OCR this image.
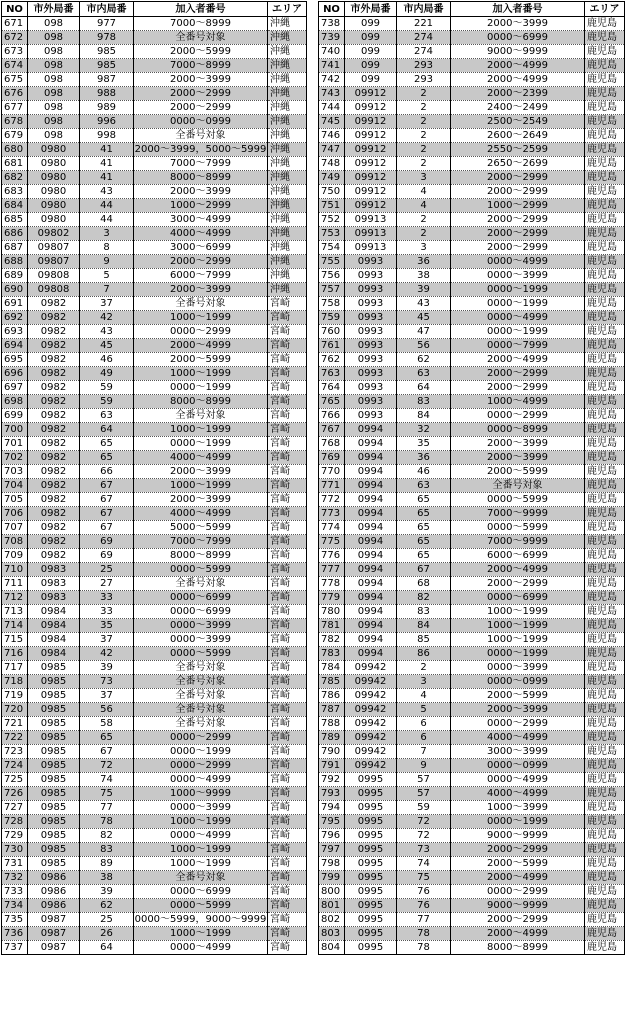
NO	市外局番	市内局番	加入者番号	エリア
671	098	977	7000～8999	沖縄
672	098	978	全番号対象	沖縄
673	098	985	2000～5999	沖縄
674	098	985	7000～8999	沖縄
675	098	987	2000～3999	沖縄
676	098	988	2000～2999	沖縄
677	098	989	2000～2999	沖縄
678	098	996	0000～0999	沖縄
679	098	998	全番号対象	沖縄
680	0980	41	2000～3999，5000～5999	沖縄
681	0980	41	7000～7999	沖縄
682	0980	41	8000～8999	沖縄
683	0980	43	2000～3999	沖縄
684	0980	44	1000～2999	沖縄
685	0980	44	3000～4999	沖縄
686	09802	3	4000～4999	沖縄
687	09807	8	3000～6999	沖縄
688	09807	9	2000～2999	沖縄
689	09808	5	6000～7999	沖縄
690	09808	7	2000～3999	沖縄
691	0982	37	全番号対象	宮崎
692	0982	42	1000～1999	宮崎
693	0982	43	0000～2999	宮崎
694	0982	45	2000～4999	宮崎
695	0982	46	2000～5999	宮崎
696	0982	49	1000～1999	宮崎
697	0982	59	0000～1999	宮崎
698	0982	59	8000～8999	宮崎
699	0982	63	全番号対象	宮崎
700	0982	64	1000～1999	宮崎
701	0982	65	0000～1999	宮崎
702	0982	65	4000～4999	宮崎
703	0982	66	2000～3999	宮崎
704	0982	67	1000～1999	宮崎
705	0982	67	2000～3999	宮崎
706	0982	67	4000～4999	宮崎
707	0982	67	5000～5999	宮崎
708	0982	69	7000～7999	宮崎
709	0982	69	8000～8999	宮崎
710	0983	25	0000～5999	宮崎
711	0983	27	全番号対象	宮崎
712	0983	33	0000～6999	宮崎
713	0984	33	0000～6999	宮崎
714	0984	35	0000～3999	宮崎
715	0984	37	0000～3999	宮崎
716	0984	42	0000～5999	宮崎
717	0985	39	全番号対象	宮崎
718	0985	73	全番号対象	宮崎
719	0985	37	全番号対象	宮崎
720	0985	56	全番号対象	宮崎
721	0985	58	全番号対象	宮崎
722	0985	65	0000～2999	宮崎
723	0985	67	0000～1999	宮崎
724	0985	72	0000～2999	宮崎
725	0985	74	0000～4999	宮崎
726	0985	75	1000～9999	宮崎
727	0985	77	0000～3999	宮崎
728	0985	78	1000～1999	宮崎
729	0985	82	0000～4999	宮崎
730	0985	83	1000～1999	宮崎
731	0985	89	1000～1999	宮崎
732	0986	38	全番号対象	宮崎
733	0986	39	0000～6999	宮崎
734	0986	62	0000～5999	宮崎
735	0987	25	0000～5999，9000～9999	宮崎
736	0987	26	1000～1999	宮崎
737	0987	64	0000～4999	宮崎
NO	市外局番	市内局番	加入者番号	エリア
738	099	221	2000～3999	鹿児島
739	099	274	0000～6999	鹿児島
740	099	274	9000～9999	鹿児島
741	099	293	2000～4999	鹿児島
742	099	293	2000～4999	鹿児島
743	09912	2	2000～2399	鹿児島
744	09912	2	2400～2499	鹿児島
745	09912	2	2500～2549	鹿児島
746	09912	2	2600～2649	鹿児島
747	09912	2	2550～2599	鹿児島
748	09912	2	2650～2699	鹿児島
749	09912	3	2000～2999	鹿児島
750	09912	4	2000～2999	鹿児島
751	09912	4	1000～2999	鹿児島
752	09913	2	2000～2999	鹿児島
753	09913	2	2000～2999	鹿児島
754	09913	3	2000～2999	鹿児島
755	0993	36	0000～4999	鹿児島
756	0993	38	0000～3999	鹿児島
757	0993	39	0000～1999	鹿児島
758	0993	43	0000～1999	鹿児島
759	0993	45	0000～4999	鹿児島
760	0993	47	0000～1999	鹿児島
761	0993	56	0000～7999	鹿児島
762	0993	62	2000～4999	鹿児島
763	0993	63	2000～2999	鹿児島
764	0993	64	2000～2999	鹿児島
765	0993	83	1000～4999	鹿児島
766	0993	84	0000～2999	鹿児島
767	0994	32	0000～8999	鹿児島
768	0994	35	2000～3999	鹿児島
769	0994	36	2000～3999	鹿児島
770	0994	46	2000～5999	鹿児島
771	0994	63	全番号対象	鹿児島
772	0994	65	0000～5999	鹿児島
773	0994	65	7000～9999	鹿児島
774	0994	65	0000～5999	鹿児島
775	0994	65	7000～9999	鹿児島
776	0994	65	6000～6999	鹿児島
777	0994	67	2000～4999	鹿児島
778	0994	68	2000～2999	鹿児島
779	0994	82	0000～6999	鹿児島
780	0994	83	1000～1999	鹿児島
781	0994	84	1000～1999	鹿児島
782	0994	85	1000～1999	鹿児島
783	0994	86	0000～1999	鹿児島
784	09942	2	0000～3999	鹿児島
785	09942	3	0000～0999	鹿児島
786	09942	4	2000～5999	鹿児島
787	09942	5	2000～3999	鹿児島
788	09942	6	0000～2999	鹿児島
789	09942	6	4000～4999	鹿児島
790	09942	7	3000～3999	鹿児島
791	09942	9	0000～0999	鹿児島
792	0995	57	0000～4999	鹿児島
793	0995	57	4000～4999	鹿児島
794	0995	59	1000～3999	鹿児島
795	0995	72	0000～1999	鹿児島
796	0995	72	9000～9999	鹿児島
797	0995	73	2000～2999	鹿児島
798	0995	74	2000～5999	鹿児島
799	0995	75	2000～4999	鹿児島
800	0995	76	0000～2999	鹿児島
801	0995	76	9000～9999	鹿児島
802	0995	77	2000～2999	鹿児島
803	0995	78	2000～4999	鹿児島
804	0995	78	8000～8999	鹿児島
